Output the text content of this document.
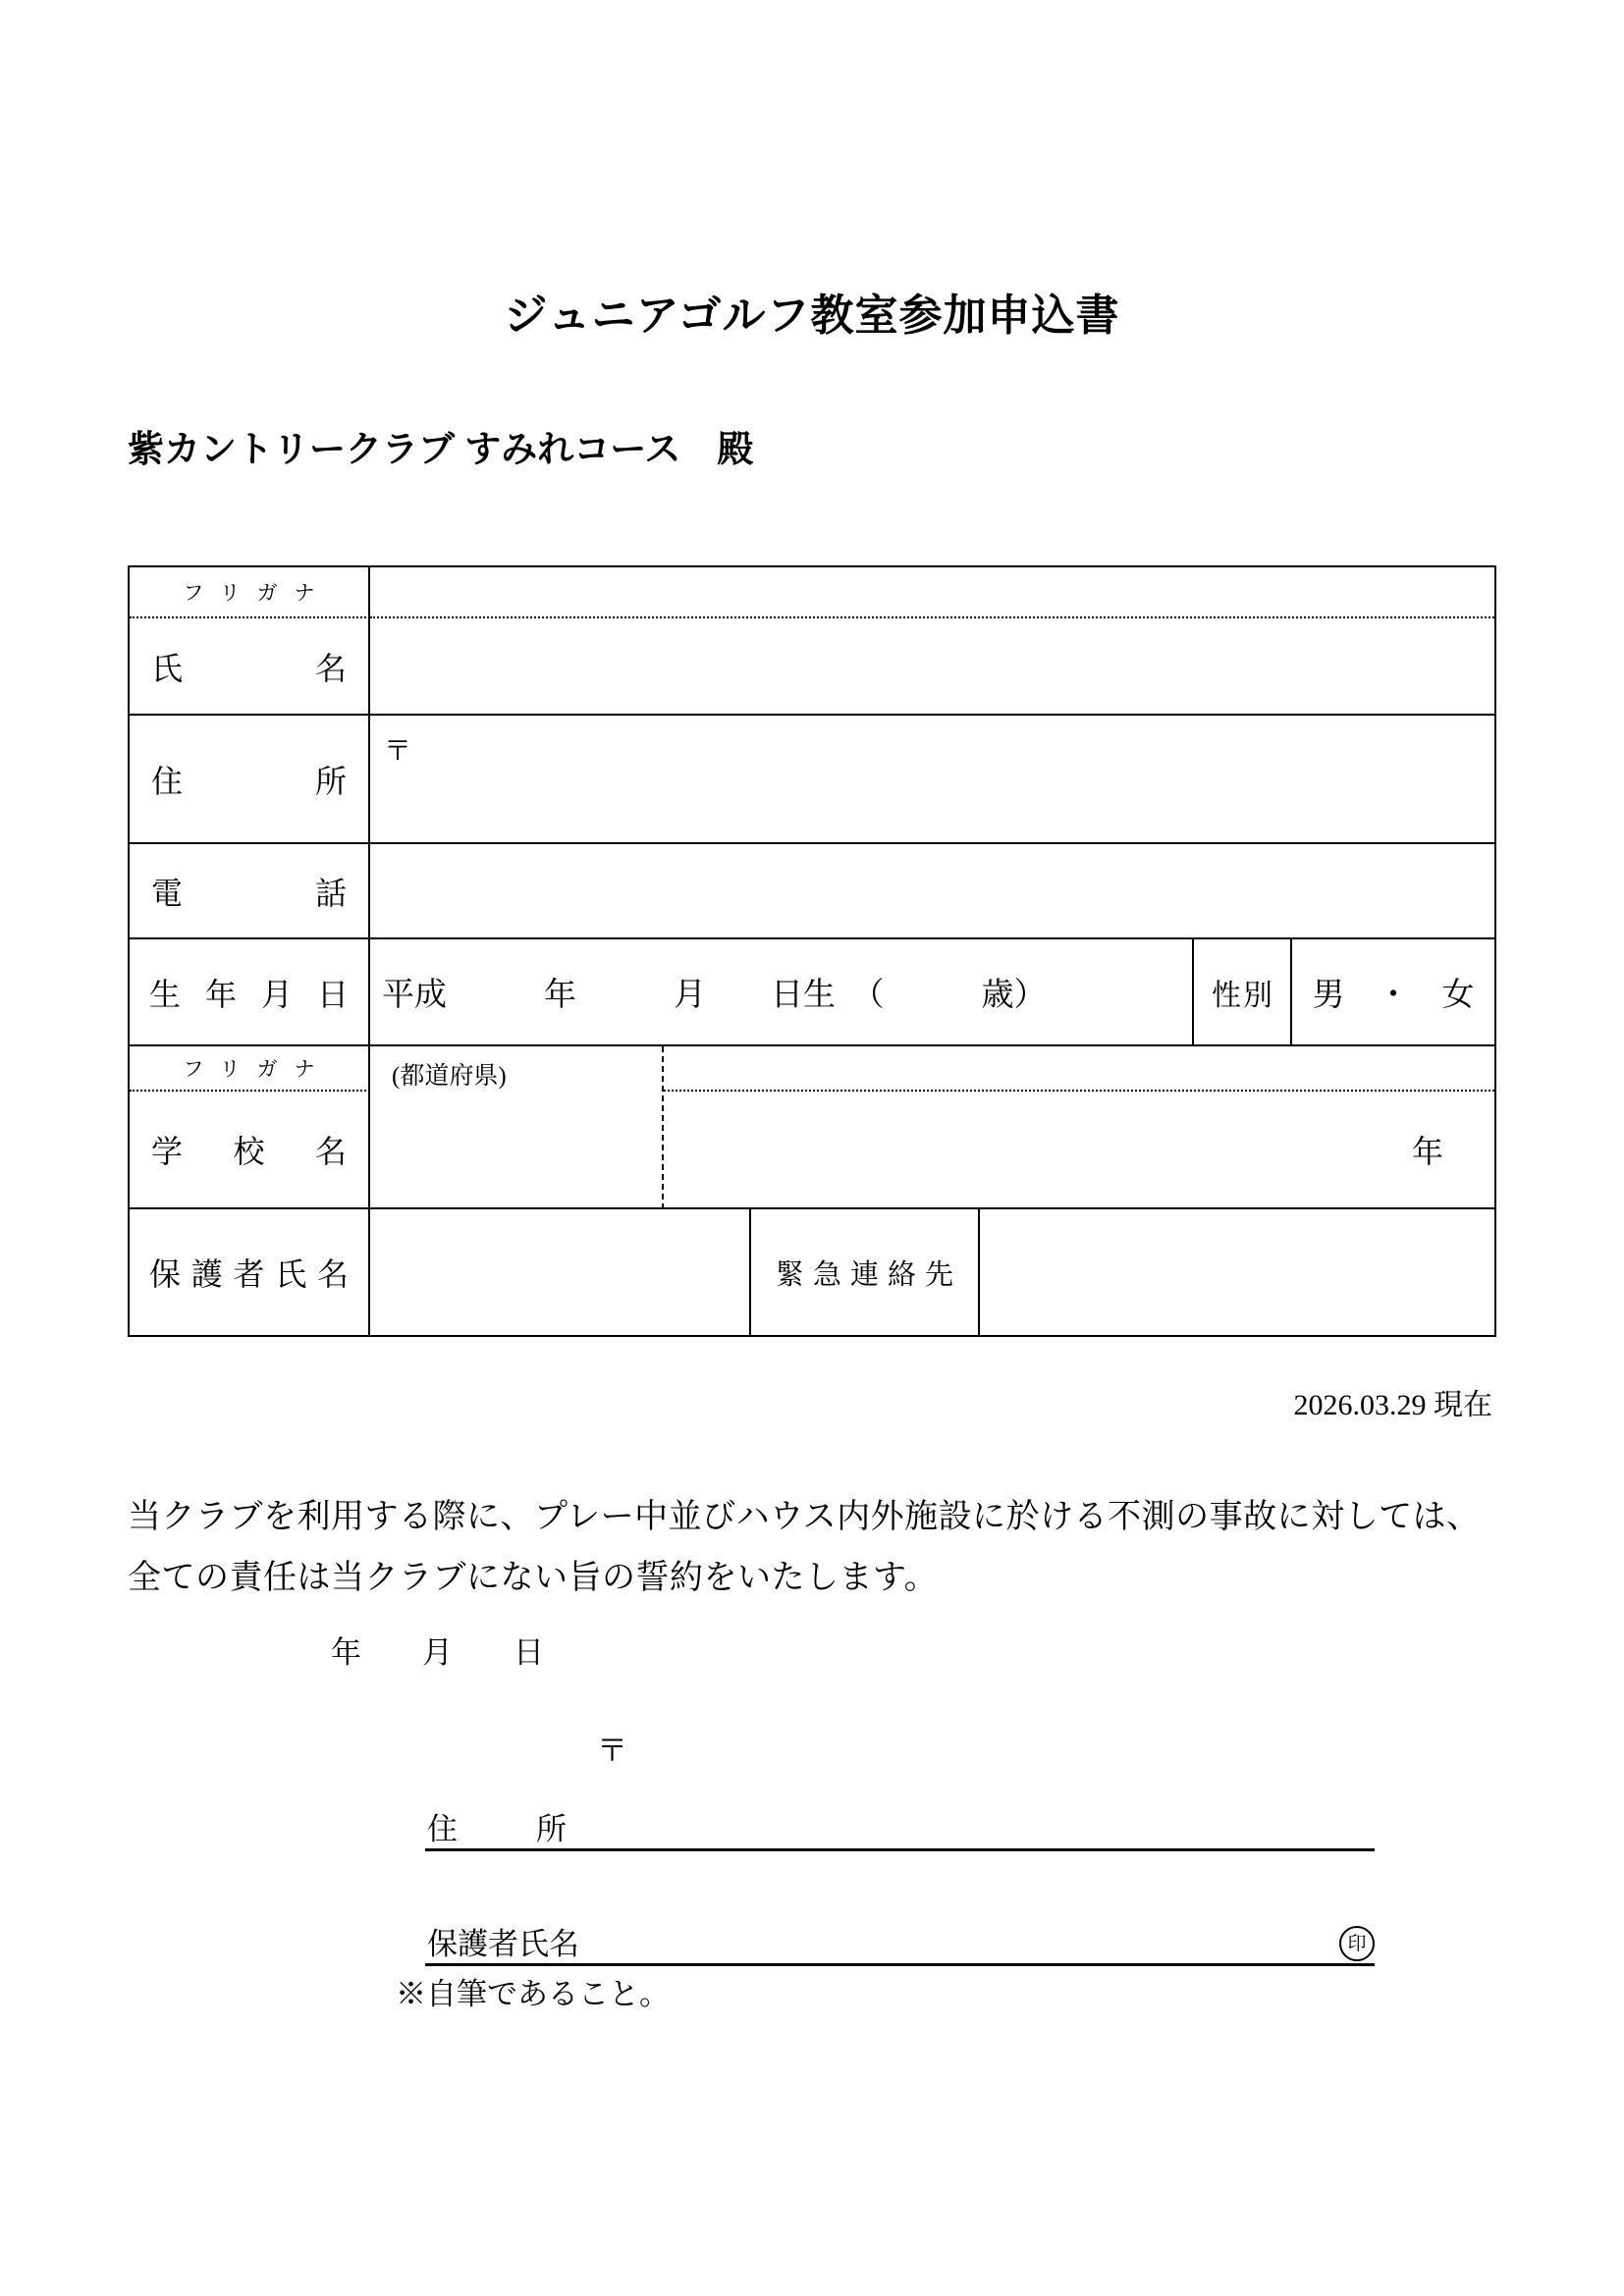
ジュニアゴルフ教室参加申込書
紫カントリークラブ すみれコース　殿
フリガナ						

氏 名						

住 所	〒					

電 話						

生 年 月 日	平成　　　年　　　月　　日生　（　　　歳）				性別	男　・　女
フリガナ	(都道府県)					

学 校 名		年				

保 護 者 氏 名			緊急連絡先			
2026.03.29 現在
当クラブを利用する際に、プレー中並びハウス内外施設に於ける不測の事故に対しては、
全ての責任は当クラブにない旨の誓約をいたします。
年　　月　　日
〒
住	所
保護者氏名	印
※自筆であること。
